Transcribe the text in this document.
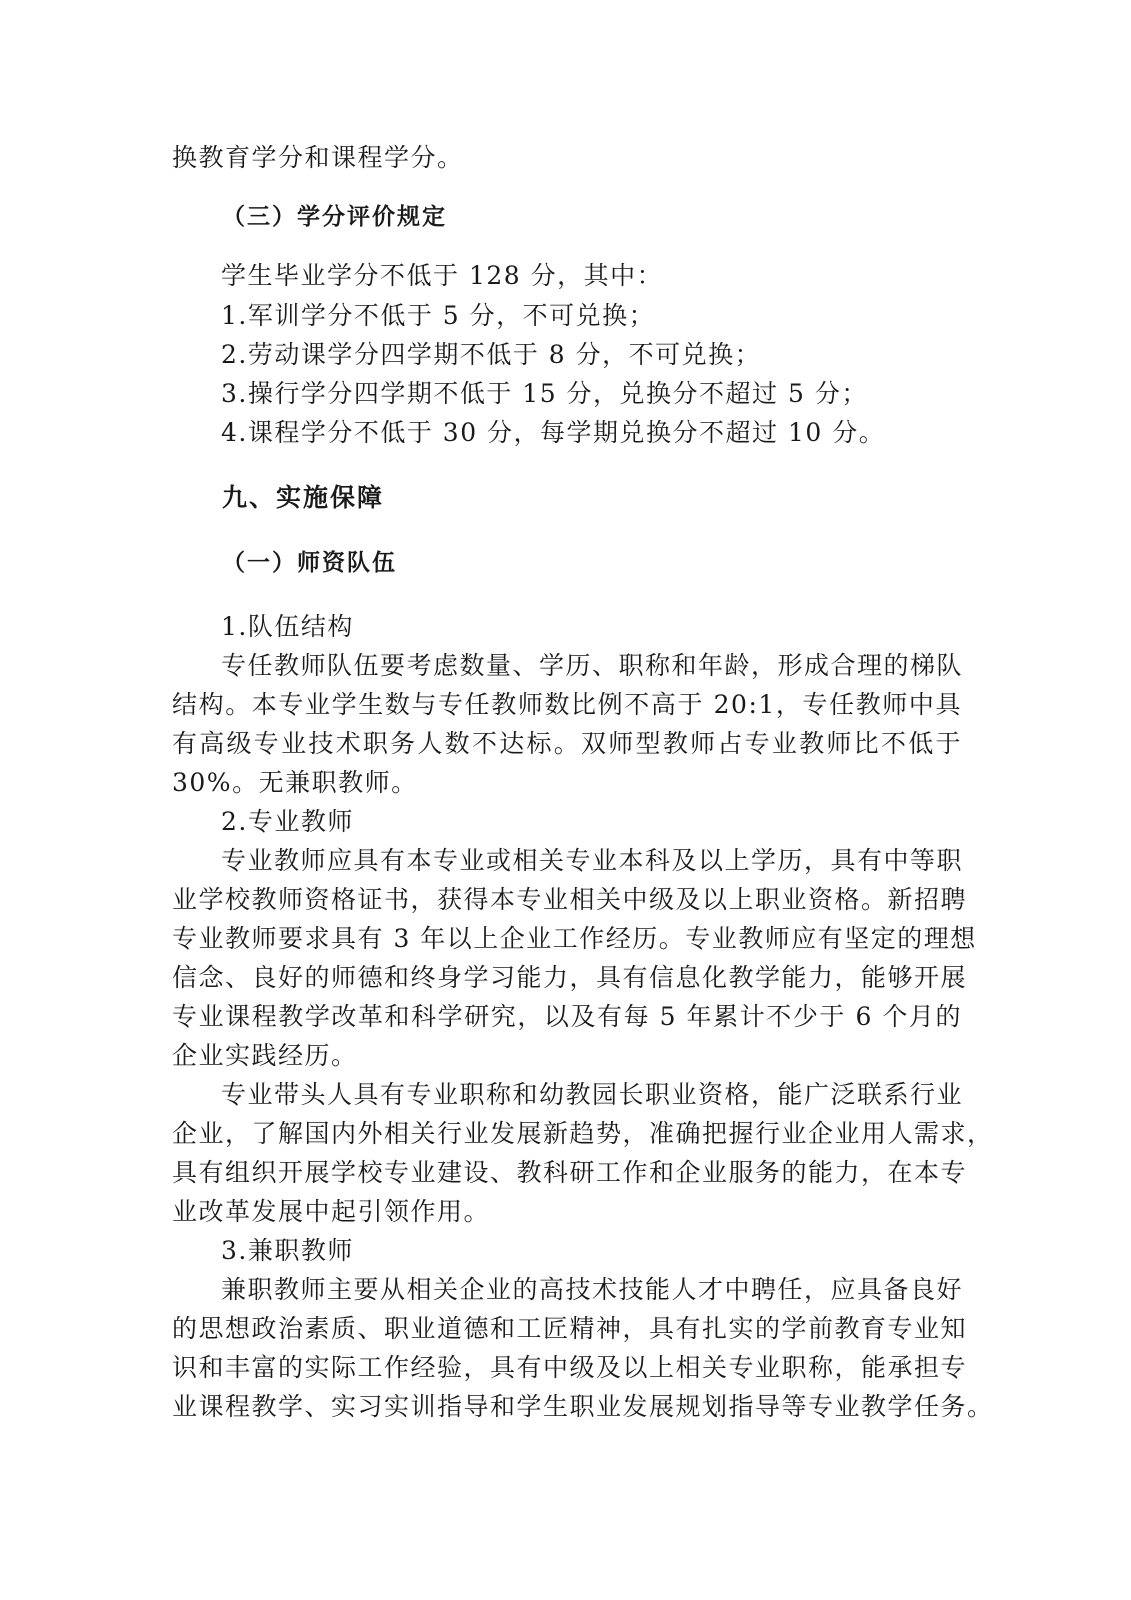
换教育学分和课程学分。
（三）学分评价规定
学生毕业学分不低于 128 分，其中：
1.军训学分不低于 5 分，不可兑换；
2.劳动课学分四学期不低于 8 分，不可兑换；
3.操行学分四学期不低于 15 分，兑换分不超过 5 分；
4.课程学分不低于 30 分，每学期兑换分不超过 10 分。
九、实施保障
（一）师资队伍
1.队伍结构
专任教师队伍要考虑数量、学历、职称和年龄，形成合理的梯队
结构。本专业学生数与专任教师数比例不高于 20:1，专任教师中具
有高级专业技术职务人数不达标。双师型教师占专业教师比不低于
30%。无兼职教师。
2.专业教师
专业教师应具有本专业或相关专业本科及以上学历，具有中等职
业学校教师资格证书，获得本专业相关中级及以上职业资格。新招聘
专业教师要求具有 3 年以上企业工作经历。专业教师应有坚定的理想
信念、良好的师德和终身学习能力，具有信息化教学能力，能够开展
专业课程教学改革和科学研究，以及有每 5 年累计不少于 6 个月的
企业实践经历。
专业带头人具有专业职称和幼教园长职业资格，能广泛联系行业
企业，了解国内外相关行业发展新趋势，准确把握行业企业用人需求，
具有组织开展学校专业建设、教科研工作和企业服务的能力，在本专
业改革发展中起引领作用。
3.兼职教师
兼职教师主要从相关企业的高技术技能人才中聘任，应具备良好
的思想政治素质、职业道德和工匠精神，具有扎实的学前教育专业知
识和丰富的实际工作经验，具有中级及以上相关专业职称，能承担专
业课程教学、实习实训指导和学生职业发展规划指导等专业教学任务。
